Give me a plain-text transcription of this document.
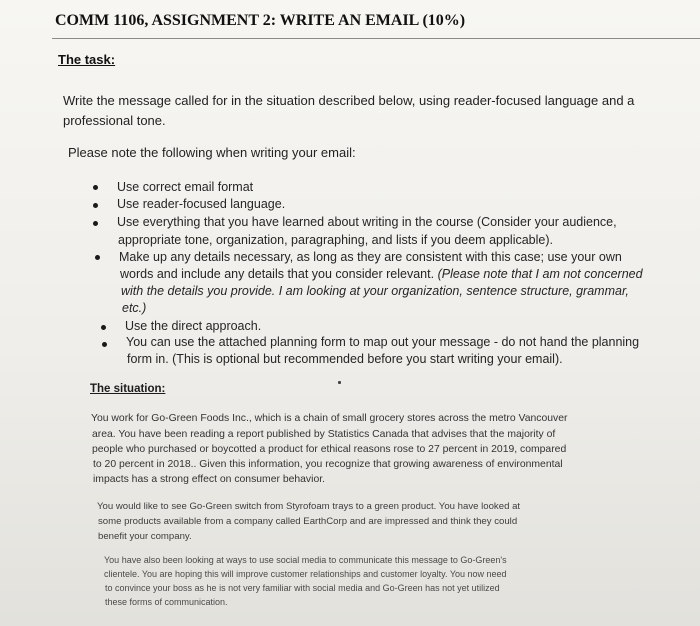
COMM 1106, ASSIGNMENT 2: WRITE AN EMAIL (10%)
The task:
Write the message called for in the situation described below, using reader-focused language and a
professional tone.
Please note the following when writing your email:
Use correct email format
Use reader-focused language.
Use everything that you have learned about writing in the course (Consider your audience,
appropriate tone, organization, paragraphing, and lists if you deem applicable).
Make up any details necessary, as long as they are consistent with this case; use your own
words and include any details that you consider relevant. (Please note that I am not concerned
with the details you provide. I am looking at your organization, sentence structure, grammar,
etc.)
Use the direct approach.
You can use the attached planning form to map out your message - do not hand the planning
form in. (This is optional but recommended before you start writing your email).
The situation:
You work for Go-Green Foods Inc., which is a chain of small grocery stores across the metro Vancouver
area. You have been reading a report published by Statistics Canada that advises that the majority of
people who purchased or boycotted a product for ethical reasons rose to 27 percent in 2019, compared
to 20 percent in 2018.. Given this information, you recognize that growing awareness of environmental
impacts has a strong effect on consumer behavior.
You would like to see Go-Green switch from Styrofoam trays to a green product. You have looked at
some products available from a company called EarthCorp and are impressed and think they could
benefit your company.
You have also been looking at ways to use social media to communicate this message to Go-Green's
clientele. You are hoping this will improve customer relationships and customer loyalty. You now need
to convince your boss as he is not very familiar with social media and Go-Green has not yet utilized
these forms of communication.
